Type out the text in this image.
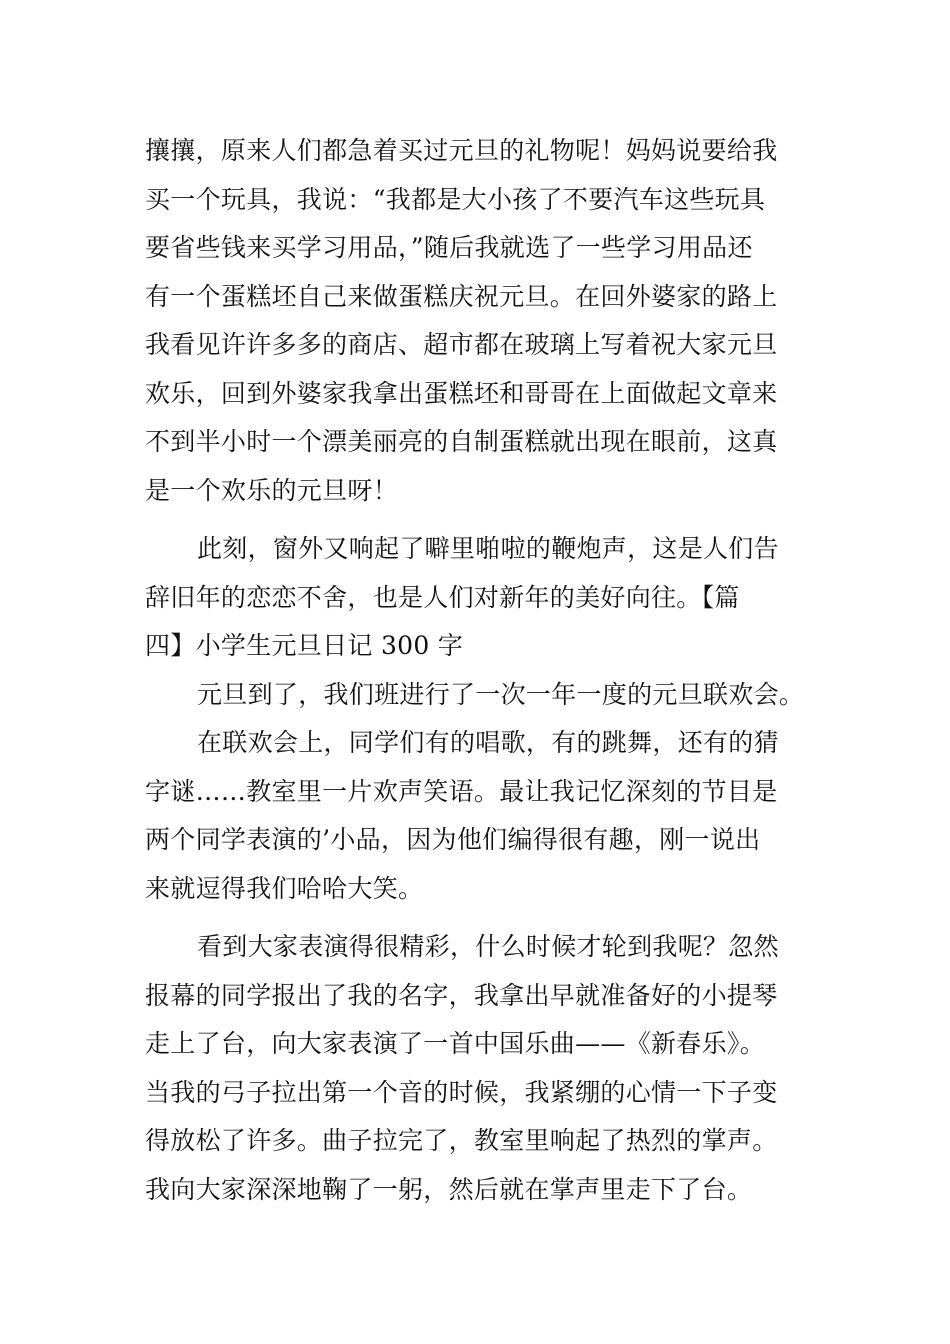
攘攘，原来人们都急着买过元旦的礼物呢！妈妈说要给我
买一个玩具，我说：“我都是大小孩了不要汽车这些玩具
要省些钱来买学习用品，”随后我就选了一些学习用品还
有一个蛋糕坯自己来做蛋糕庆祝元旦。在回外婆家的路上
我看见许许多多的商店、超市都在玻璃上写着祝大家元旦
欢乐，回到外婆家我拿出蛋糕坯和哥哥在上面做起文章来
不到半小时一个漂美丽亮的自制蛋糕就出现在眼前，这真
是一个欢乐的元旦呀！
此刻，窗外又响起了噼里啪啦的鞭炮声，这是人们告
辞旧年的恋恋不舍，也是人们对新年的美好向往。【篇
四】小学生元旦日记 300 字
元旦到了，我们班进行了一次一年一度的元旦联欢会。
在联欢会上，同学们有的唱歌，有的跳舞，还有的猜
字谜……教室里一片欢声笑语。最让我记忆深刻的节目是
两个同学表演的’小品，因为他们编得很有趣，刚一说出
来就逗得我们哈哈大笑。
看到大家表演得很精彩，什么时候才轮到我呢？忽然
报幕的同学报出了我的名字，我拿出早就准备好的小提琴
走上了台，向大家表演了一首中国乐曲——《新春乐》。
当我的弓子拉出第一个音的时候，我紧绷的心情一下子变
得放松了许多。曲子拉完了，教室里响起了热烈的掌声。
我向大家深深地鞠了一躬，然后就在掌声里走下了台。
